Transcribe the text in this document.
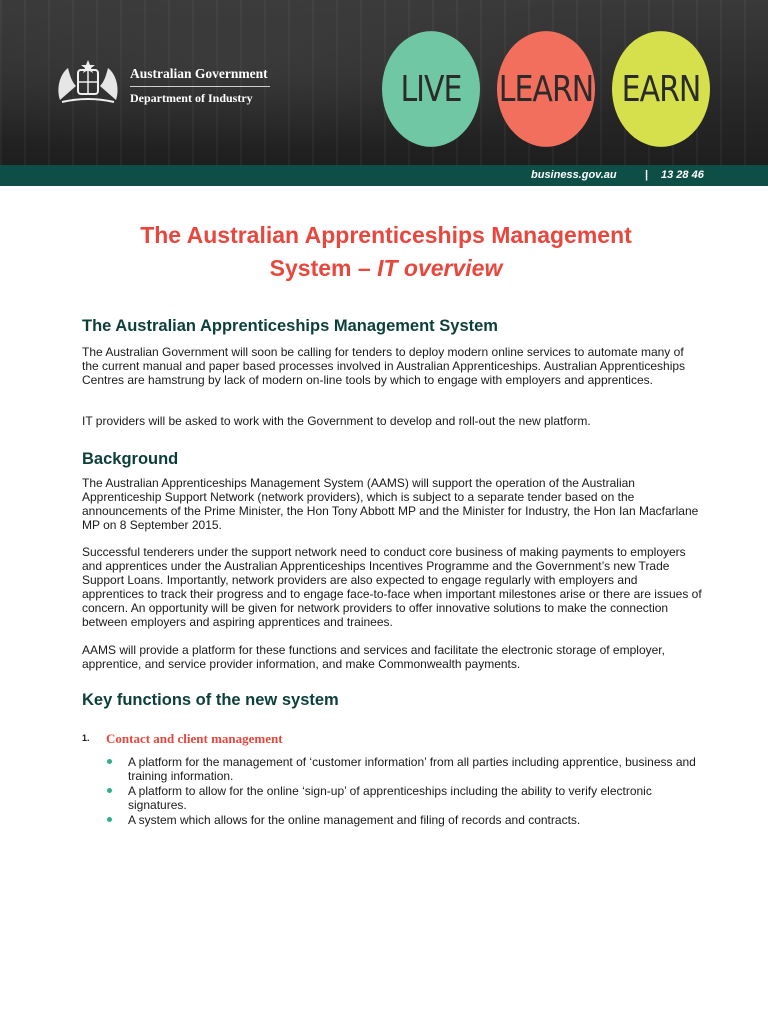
Australian Government
Department of Industry	LIVE	LEARN EARN
business.gov.au	| 13 28 46
The Australian Apprenticeships Management
System – IT overview
The Australian Apprenticeships Management System
The Australian Government will soon be calling for tenders to deploy modern online services to automate many of the current manual and paper based processes involved in Australian Apprenticeships. Australian Apprenticeships Centres are hamstrung by lack of modern on-line tools by which to engage with employers and apprentices.
IT providers will be asked to work with the Government to develop and roll-out the new platform.
Background
The Australian Apprenticeships Management System (AAMS) will support the operation of the Australian Apprenticeship Support Network (network providers), which is subject to a separate tender based on the announcements of the Prime Minister, the Hon Tony Abbott MP and the Minister for Industry, the Hon Ian Macfarlane MP on 8 September 2015.
Successful tenderers under the support network need to conduct core business of making payments to employers and apprentices under the Australian Apprenticeships Incentives Programme and the Government’s new Trade Support Loans. Importantly, network providers are also expected to engage regularly with employers and apprentices to track their progress and to engage face-to-face when important milestones arise or there are issues of concern. An opportunity will be given for network providers to offer innovative solutions to make the connection between employers and aspiring apprentices and trainees.
AAMS will provide a platform for these functions and services and facilitate the electronic storage of employer, apprentice, and service provider information, and make Commonwealth payments.
Key functions of the new system
1. Contact and client management
A platform for the management of ‘customer information’ from all parties including apprentice, business and training information.
A platform to allow for the online ‘sign-up’ of apprenticeships including the ability to verify electronic signatures.
A system which allows for the online management and filing of records and contracts.
